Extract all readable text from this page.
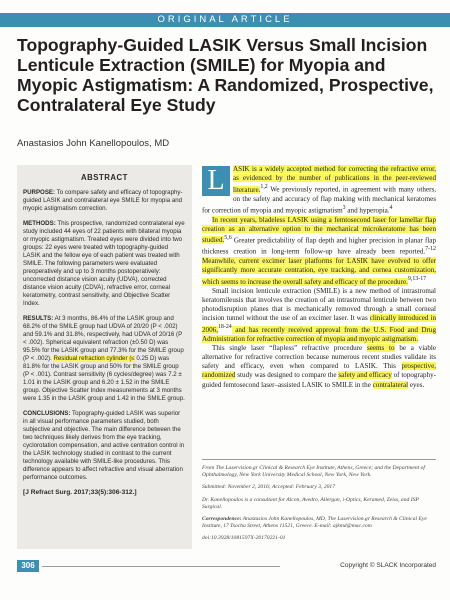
ORIGINAL ARTICLE
Topography-Guided LASIK Versus Small Incision Lenticule Extraction (SMILE) for Myopia and Myopic Astigmatism: A Randomized, Prospective, Contralateral Eye Study
Anastasios John Kanellopoulos, MD
ABSTRACT

PURPOSE: To compare safety and efficacy of topography-guided LASIK and contralateral eye SMILE for myopia and myopic astigmatism correction.

METHODS: This prospective, randomized contralateral eye study included 44 eyes of 22 patients with bilateral myopia or myopic astigmatism. Treated eyes were divided into two groups: 22 eyes were treated with topography-guided LASIK and the fellow eye of each patient was treated with SMILE. The following parameters were evaluated preoperatively and up to 3 months postoperatively: uncorrected distance vision acuity (UDVA), corrected distance vision acuity (CDVA), refractive error, corneal keratometry, contrast sensitivity, and Objective Scatter Index.

RESULTS: At 3 months, 86.4% of the LASIK group and 68.2% of the SMILE group had UDVA of 20/20 (P < .002) and 59.1% and 31.8%, respectively, had UDVA of 20/16 (P < .002). Spherical equivalent refraction (±0.50 D) was 95.5% for the LASIK group and 77.3% for the SMILE group (P < .002). Residual refraction cylinder (≤ 0.25 D) was 81.8% for the LASIK group and 50% for the SMILE group (P < .001). Contrast sensitivity (6 cycles/degree) was 7.2 ± 1.01 in the LASIK group and 6.20 ± 1.52 in the SMILE group. Objective Scatter Index measurements at 3 months were 1.35 in the LASIK group and 1.42 in the SMILE group.

CONCLUSIONS: Topography-guided LASIK was superior in all visual performance parameters studied, both subjective and objective. The main difference between the two techniques likely derives from the eye tracking, cyclorotation compensation, and active centration control in the LASIK technology studied in contrast to the current technology available with SMILE-like procedures. This difference appears to affect refractive and visual aberration performance outcomes.

[J Refract Surg. 2017;33(5):306-312.]

L	ASIK is a widely accepted method for correcting the refractive error, as evidenced by the number of publications in the peer-reviewed literature.$^{1,2}$ We previously reported, in agreement with many others, on the safety and accuracy of flap making with mechanical keratomes for correction of myopia and myopic astigmatism$^3$ and hyperopia.$^4$

In recent years, bladeless LASIK using a femtosecond laser for lamellar flap creation as an alternative option to the mechanical microkeratome has been studied.$^{5,6}$ Greater predictability of flap depth and higher precision in planar flap thickness creation in long-term follow-up have already been reported.$^{7-12}$ Meanwhile, current excimer laser platforms for LASIK have evolved to offer significantly more accurate centration, eye tracking, and cornea customization, which seems to increase the overall safety and efficacy of the procedure.$^{9,13-17}$

Small incision lenticule extraction (SMILE) is a new method of intrastromal keratomileusis that involves the creation of an intrastromal lenticule between two photodisruption planes that is mechanically removed through a small corneal incision tunnel without the use of an excimer laser. It was clinically introduced in 2006,$^{18-24}$ and has recently received approval from the U.S. Food and Drug Administration for refractive correction of myopia and myopic astigmatism.

This single laser “flapless” refractive procedure seems to be a viable alternative for refractive correction because numerous recent studies validate its safety and efficacy, even when compared to LASIK. This prospective, randomized study was designed to compare the safety and efficacy of topography-guided femtosecond laser–assisted LASIK to SMILE in the contralateral eyes.

From The Laservision.gr Clinical & Research Eye Institute, Athens, Greece; and the Department of Ophthalmology, New York University Medical School, New York, New York.

Submitted: November 2, 2016; Accepted: February 3, 2017

Dr. Kanellopoulos is a consultant for Alcon, Avedro, Allergan, i-Optics, Keramed, Zeiss, and ISP Surgical.

Correspondence: Anastasios John Kanellopoulos, MD, The Laservision.gr Research & Clinical Eye Institute, 17 Tsocha Street, Athens 11521, Greece. E-mail: ajkmd@mac.com

doi:10.3928/1081597X-20170221-01

306	Copyright © SLACK Incorporated
